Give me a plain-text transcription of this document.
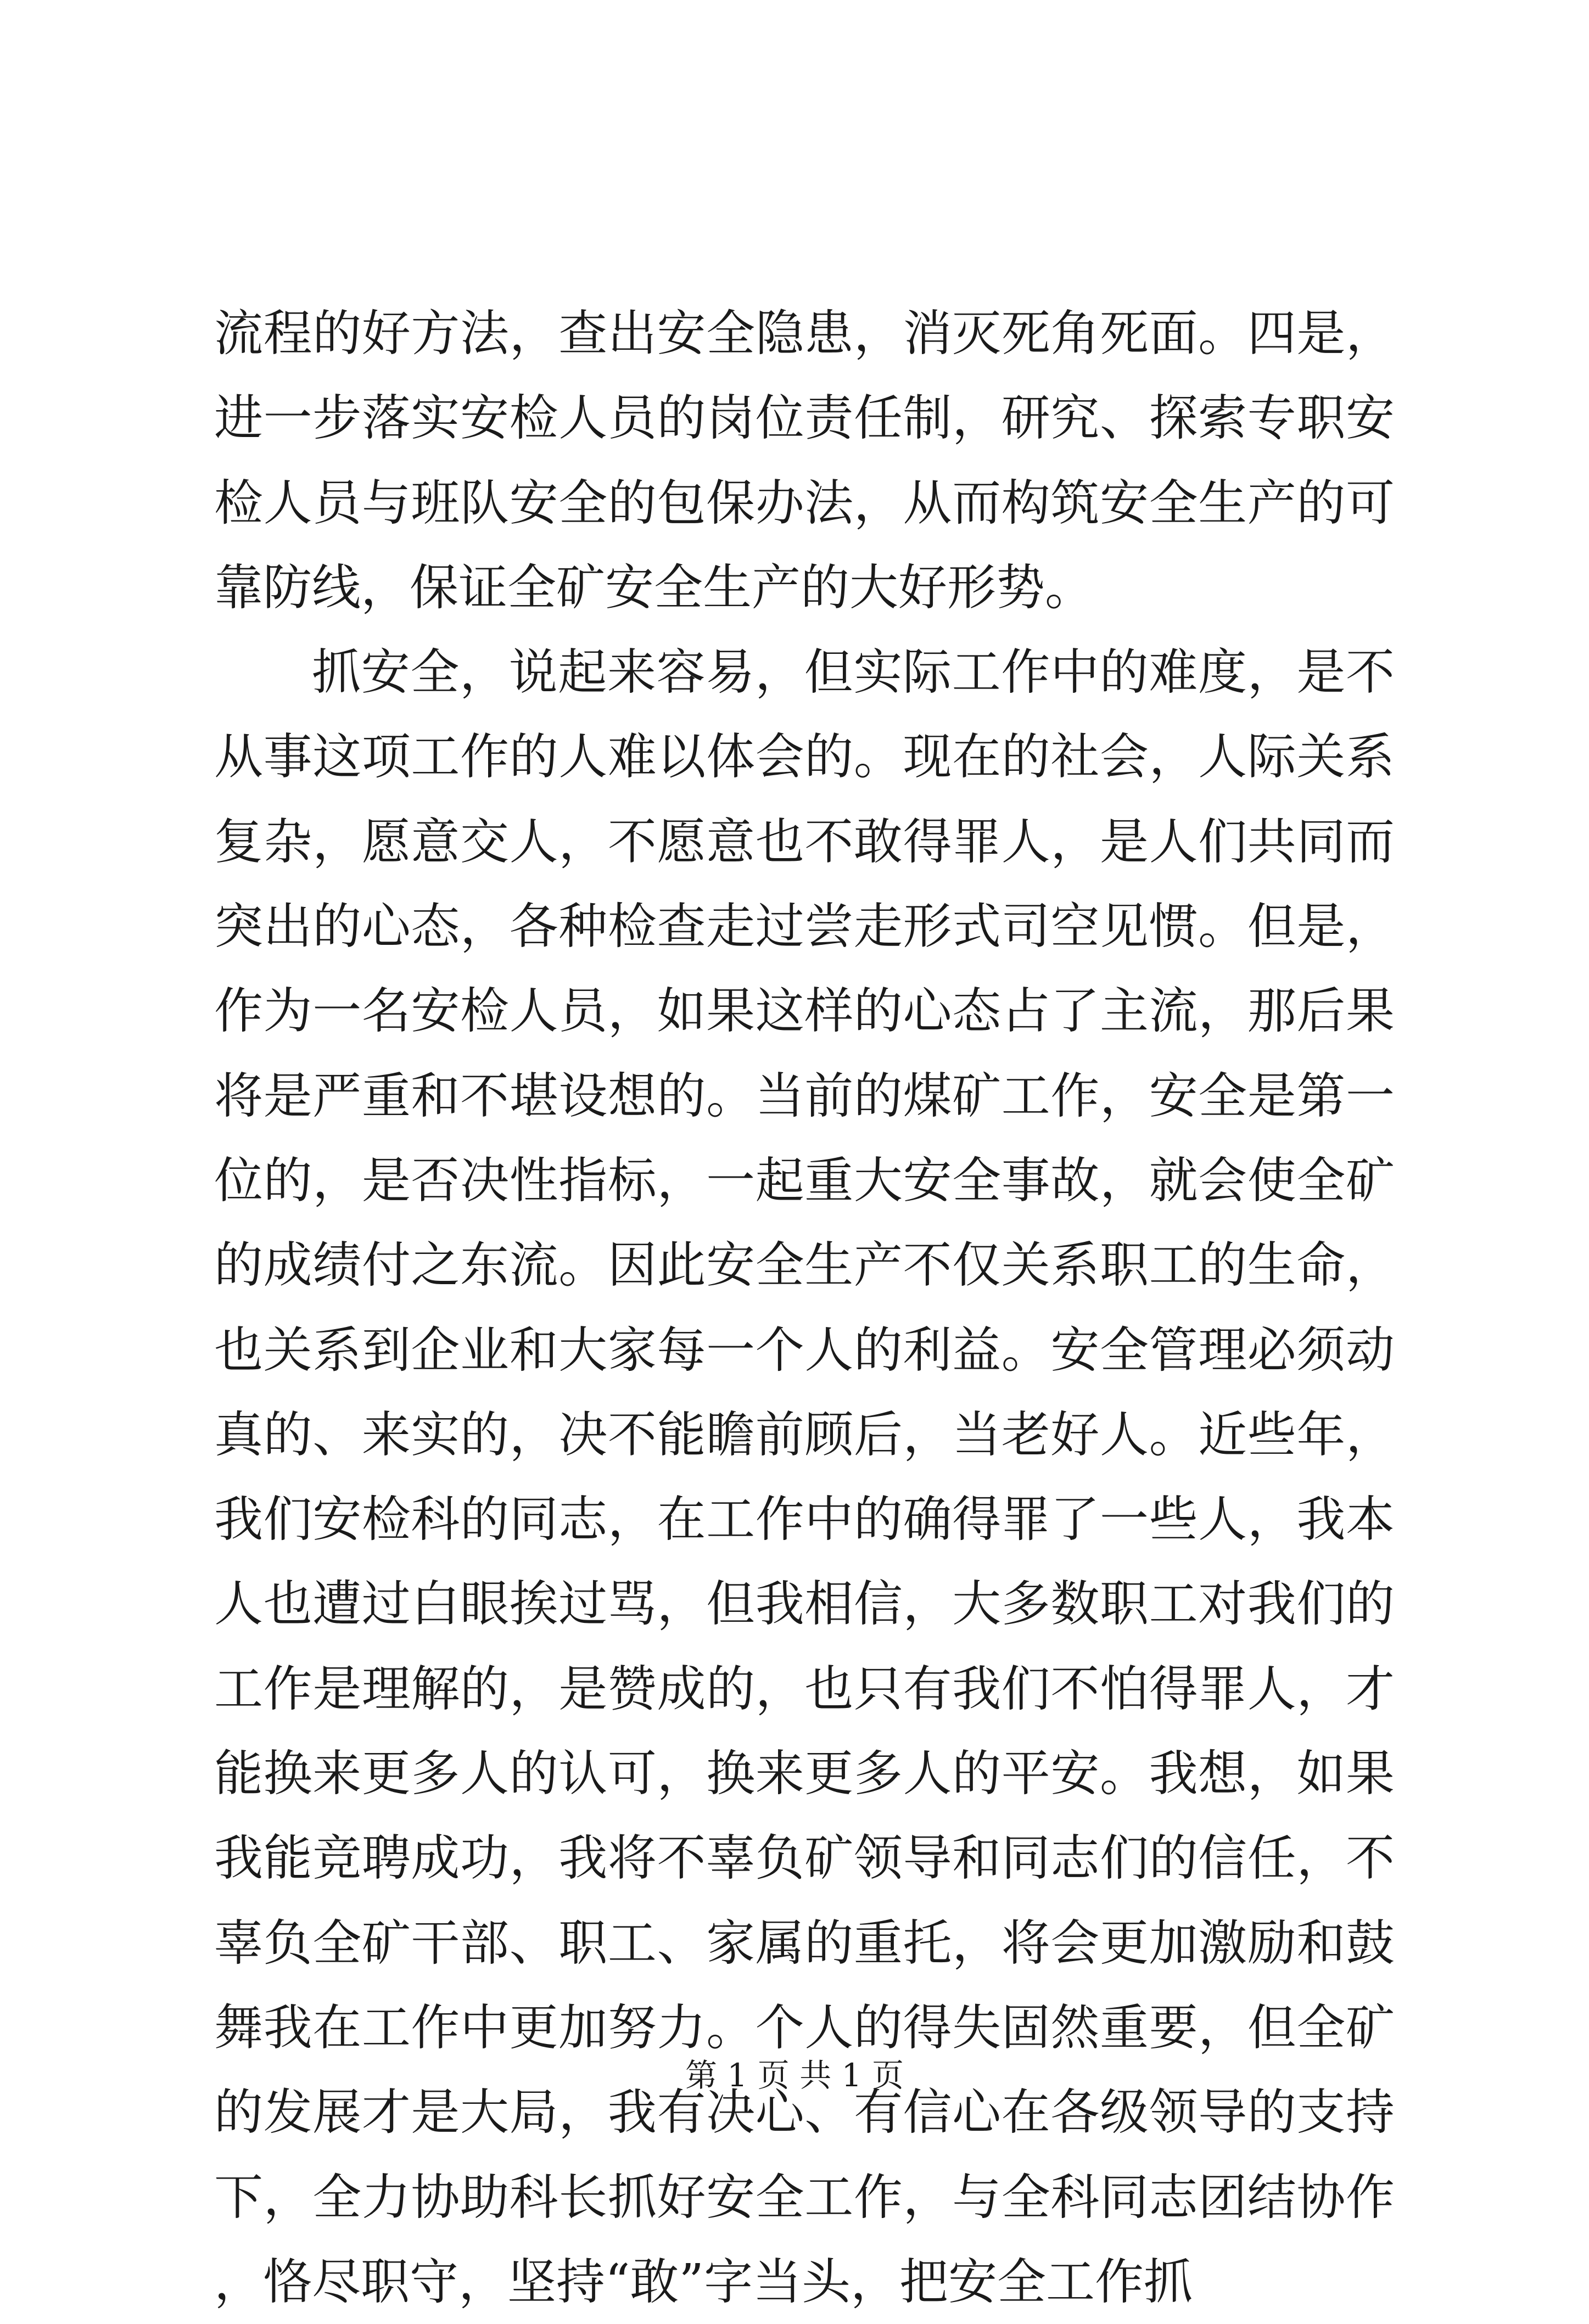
流程的好方法，查出安全隐患，消灭死角死面。四是，进一步落实安检人员的岗位责任制，研究、探索专职安检人员与班队安全的包保办法，从而构筑安全生产的可靠防线，保证全矿安全生产的大好形势。

抓安全，说起来容易，但实际工作中的难度，是不从事这项工作的人难以体会的。现在的社会，人际关系复杂，愿意交人，不愿意也不敢得罪人，是人们共同而突出的心态，各种检查走过尝走形式司空见惯。但是，作为一名安检人员，如果这样的心态占了主流，那后果将是严重和不堪设想的。当前的煤矿工作，安全是第一位的，是否决性指标，一起重大安全事故，就会使全矿的成绩付之东流。因此安全生产不仅关系职工的生命，也关系到企业和大家每一个人的利益。安全管理必须动真的、来实的，决不能瞻前顾后，当老好人。近些年，我们安检科的同志，在工作中的确得罪了一些人，我本人也遭过白眼挨过骂，但我相信，大多数职工对我们的工作是理解的，是赞成的，也只有我们不怕得罪人，才能换来更多人的认可，换来更多人的平安。我想，如果我能竞聘成功，我将不辜负矿领导和同志们的信任，不辜负全矿干部、职工、家属的重托，将会更加激励和鼓舞我在工作中更加努力。个人的得失固然重要，但全矿的发展才是大局，我有决心、有信心在各级领导的支持下，全力协助科长抓好安全工作，与全科同志团结协作，恪尽职守，坚持“敢”字当头，把安全工作抓

第 1 页 共 1 页
